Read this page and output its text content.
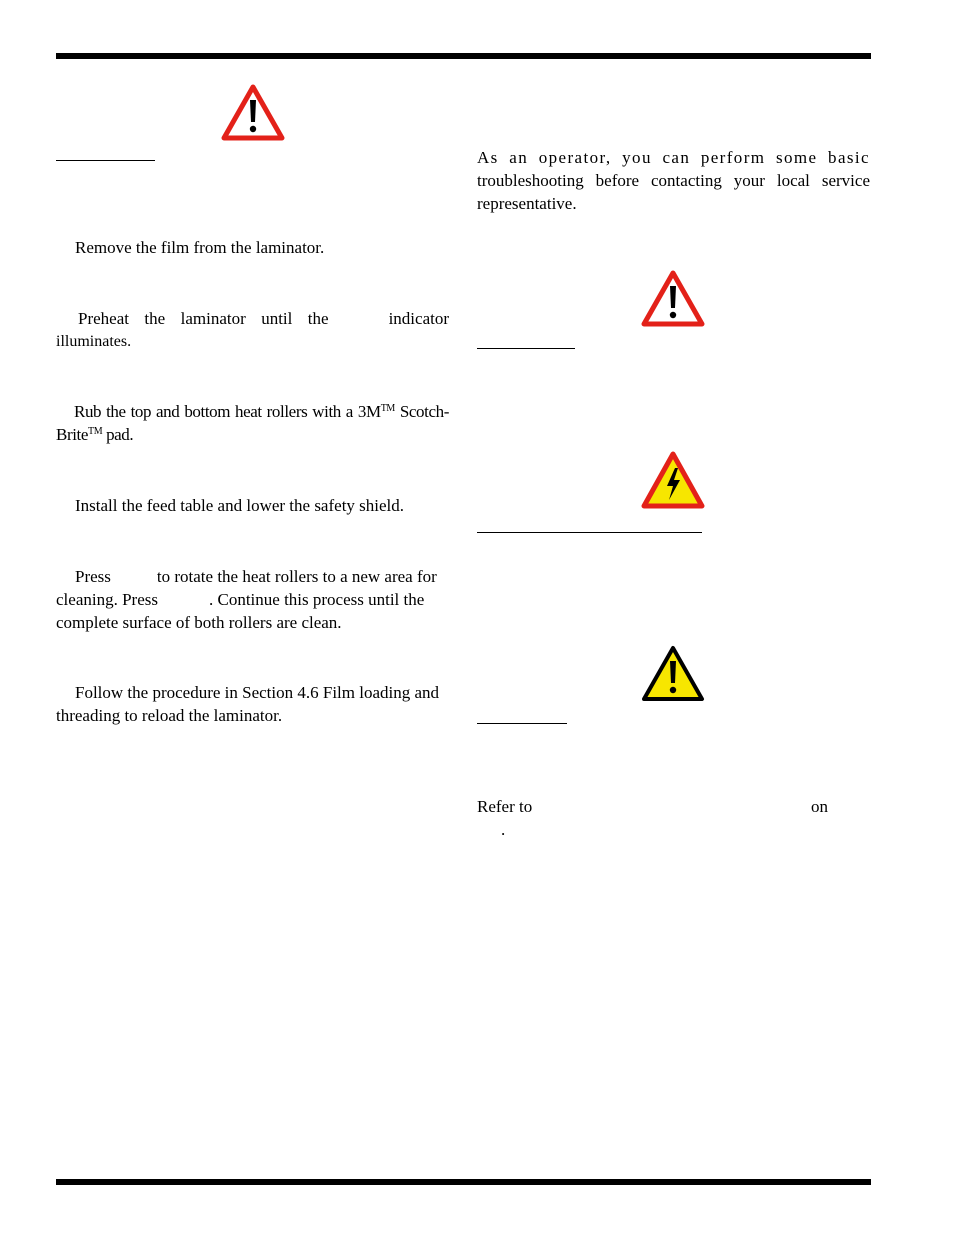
Remove the film from the laminator.
Preheat the laminator until the	indicator
illuminates.
Rub the top and bottom heat rollers with a 3M™ Scotch-
Brite™ pad.
Install the feed table and lower the safety shield.
Press	to rotate the heat rollers to a new area for
cleaning. Press	. Continue this process until the
complete surface of both rollers are clean.
Follow the procedure in Section 4.6 Film loading and
threading to reload the laminator.
As an operator, you can perform some basic
troubleshooting before contacting your local service
representative.
Refer to	on
.
